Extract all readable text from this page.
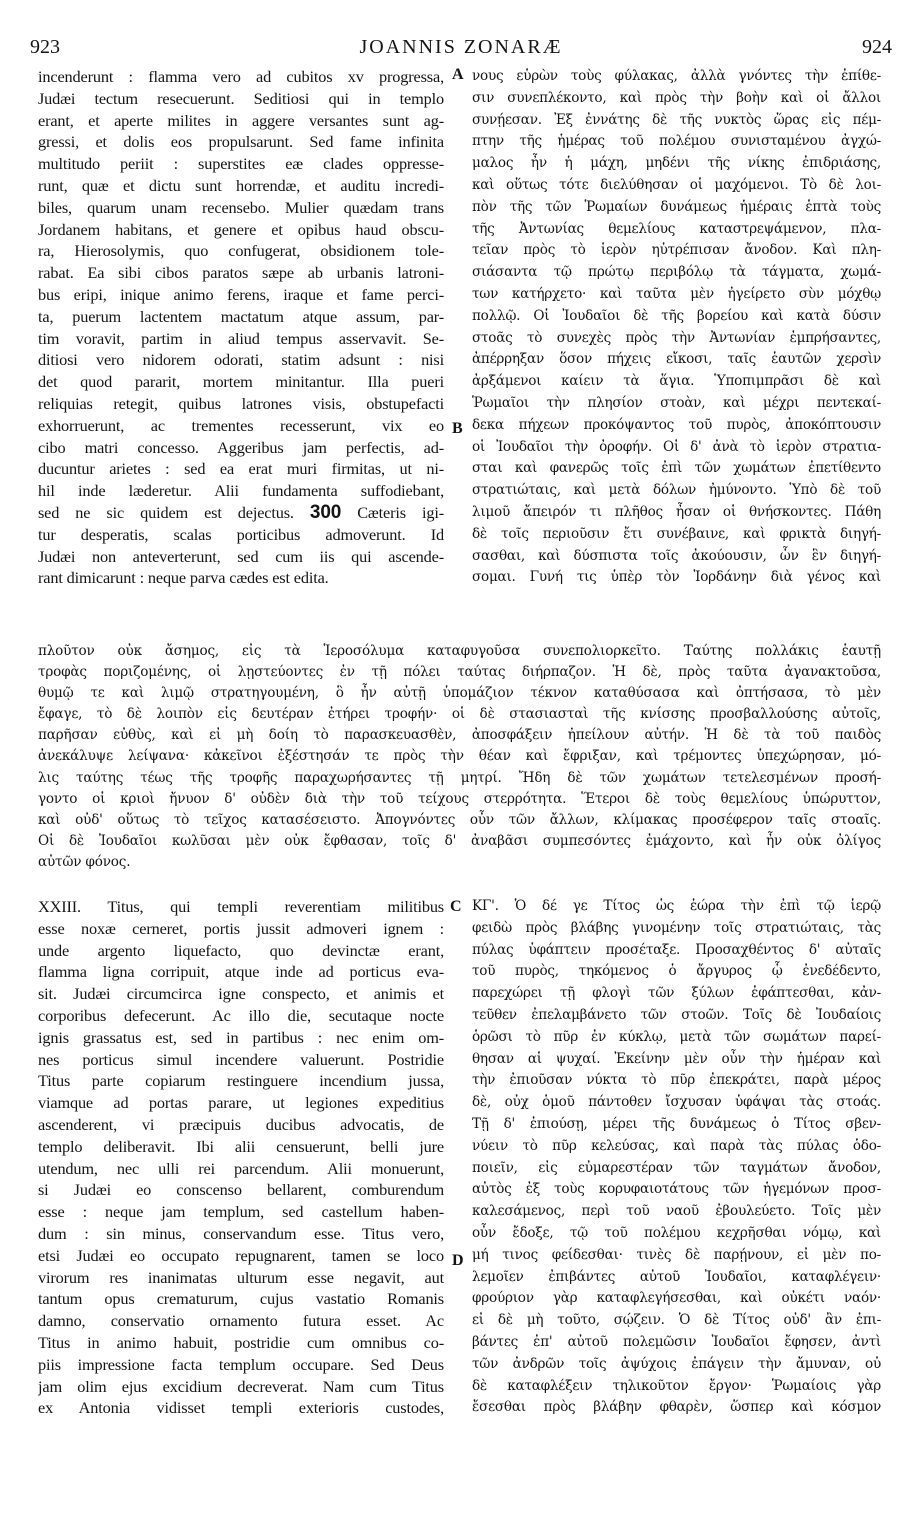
923	JOANNIS ZONARÆ	924
A
B
C
D
incenderunt : flamma vero ad cubitos xv progressa,
Judæi tectum resecuerunt. Seditiosi qui in templo
erant, et aperte milites in aggere versantes sunt ag-
gressi, et dolis eos propulsarunt. Sed fame infinita
multitudo periit : superstites eæ clades oppresse-
runt, quæ et dictu sunt horrendæ, et auditu incredi-
biles, quarum unam recensebo. Mulier quædam trans
Jordanem habitans, et genere et opibus haud obscu-
ra, Hierosolymis, quo confugerat, obsidionem tole-
rabat. Ea sibi cibos paratos sæpe ab urbanis latroni-
bus eripi, inique animo ferens, iraque et fame perci-
ta, puerum lactentem mactatum atque assum, par-
tim voravit, partim in aliud tempus asservavit. Se-
ditiosi vero nidorem odorati, statim adsunt : nisi
det quod pararit, mortem minitantur. Illa pueri
reliquias retegit, quibus latrones visis, obstupefacti
exhorruerunt, ac trementes recesserunt, vix eo
cibo matri concesso. Aggeribus jam perfectis, ad-
ducuntur arietes : sed ea erat muri firmitas, ut ni-
hil inde læderetur. Alii fundamenta suffodiebant,
sed ne sic quidem est dejectus. 300 Cæteris igi-
tur desperatis, scalas porticibus admoverunt. Id
Judæi non anteverterunt, sed cum iis qui ascende-
rant dimicarunt : neque parva cædes est edita.
νους εὑρὼν τοὺς φύλακας, ἀλλὰ γνόντες τὴν ἐπίθε-
σιν συνεπλέκοντο, καὶ πρὸς τὴν βοὴν καὶ οἱ ἄλλοι
συνῄεσαν. Ἐξ ἐννάτης δὲ τῆς νυκτὸς ὥρας εἰς πέμ-
πτην τῆς ἡμέρας τοῦ πολέμου συνισταμένου ἀγχώ-
μαλος ἦν ἡ μάχη, μηδένι τῆς νίκης ἐπιδριάσης,
καὶ οὕτως τότε διελύθησαν οἱ μαχόμενοι. Τὸ δὲ λοι-
πὸν τῆς τῶν Ῥωμαίων δυνάμεως ἡμέραις ἑπτὰ τοὺς
τῆς Ἀντωνίας θεμελίους καταστρεψάμενον, πλα-
τεῖαν πρὸς τὸ ἱερὸν ηὐτρέπισαν ἄνοδον. Καὶ πλη-
σιάσαντα τῷ πρώτῳ περιβόλῳ τὰ τάγματα, χωμά-
των κατήρχετο· καὶ ταῦτα μὲν ἠγείρετο σὺν μόχθῳ
πολλῷ. Οἱ Ἰουδαῖοι δὲ τῆς βορείου καὶ κατὰ δύσιν
στοᾶς τὸ συνεχὲς πρὸς τὴν Ἀντωνίαν ἐμπρήσαντες,
ἀπέρρηξαν ὅσον πήχεις εἴκοσι, ταῖς ἑαυτῶν χερσὶν
ἀρξάμενοι καίειν τὰ ἅγια. Ὑποπιμπρᾶσι δὲ καὶ
Ῥωμαῖοι τὴν πλησίον στοὰν, καὶ μέχρι πεντεκαί-
δεκα πήχεων προκόψαντος τοῦ πυρὸς, ἀποκόπτουσιν
οἱ Ἰουδαῖοι τὴν ὀροφήν. Οἱ δ' ἀνὰ τὸ ἱερὸν στρατια-
σται καὶ φανερῶς τοῖς ἐπὶ τῶν χωμάτων ἐπετίθεντο
στρατιώταις, καὶ μετὰ δόλων ἠμύνοντο. Ὑπὸ δὲ τοῦ
λιμοῦ ἄπειρόν τι πλῆθος ἦσαν οἱ θνήσκοντες. Πάθη
δὲ τοῖς περιοῦσιν ἔτι συνέβαινε, καὶ φρικτὰ διηγή-
σασθαι, καὶ δύσπιστα τοῖς ἀκούουσιν, ὧν ἓν διηγή-
σομαι. Γυνή τις ὑπὲρ τὸν Ἰορδάνην διὰ γένος καὶ
πλοῦτον οὐκ ἄσημος, εἰς τὰ Ἱεροσόλυμα καταφυγοῦσα συνεπολιορκεῖτο. Ταύτης πολλάκις ἑαυτῇ
τροφὰς ποριζομένης, οἱ λῃστεύοντες ἐν τῇ πόλει ταύτας διήρπαζον. Ἡ δὲ, πρὸς ταῦτα ἀγανακτοῦσα,
θυμῷ τε καὶ λιμῷ στρατηγουμένη, ὃ ἦν αὐτῇ ὑπομάζιον τέκνον καταθύσασα καὶ ὀπτήσασα, τὸ μὲν
ἔφαγε, τὸ δὲ λοιπὸν εἰς δευτέραν ἐτήρει τροφήν· οἱ δὲ στασιασταὶ τῆς κνίσσης προσβαλλούσης αὐτοῖς,
παρῆσαν εὐθὺς, καὶ εἰ μὴ δοίη τὸ παρασκευασθὲν, ἀποσφάξειν ἠπείλουν αὐτήν. Ἡ δὲ τὰ τοῦ παιδὸς
ἀνεκάλυψε λείψανα· κἀκεῖνοι ἐξέστησάν τε πρὸς τὴν θέαν καὶ ἔφριξαν, καὶ τρέμοντες ὑπεχώρησαν, μό-
λις ταύτης τέως τῆς τροφῆς παραχωρήσαντες τῇ μητρί. Ἤδη δὲ τῶν χωμάτων τετελεσμένων προσή-
γοντο οἱ κριοὶ ἤνυον δ' οὐδὲν διὰ τὴν τοῦ τείχους στερρότητα. Ἕτεροι δὲ τοὺς θεμελίους ὑπώρυττον,
καὶ οὐδ' οὕτως τὸ τεῖχος κατασέσειστο. Ἀπογνόντες οὖν τῶν ἄλλων, κλίμακας προσέφερον ταῖς στοαῖς.
Οἱ δὲ Ἰουδαῖοι κωλῦσαι μὲν οὐκ ἔφθασαν, τοῖς δ' ἀναβᾶσι συμπεσόντες ἐμάχοντο, καὶ ἦν οὐκ ὀλίγος
αὐτῶν φόνος.
XXIII. Titus, qui templi reverentiam militibus
esse noxæ cerneret, portis jussit admoveri ignem :
unde argento liquefacto, quo devinctæ erant,
flamma ligna corripuit, atque inde ad porticus eva-
sit. Judæi circumcirca igne conspecto, et animis et
corporibus defecerunt. Ac illo die, secutaque nocte
ignis grassatus est, sed in partibus : nec enim om-
nes porticus simul incendere valuerunt. Postridie
Titus parte copiarum restinguere incendium jussa,
viamque ad portas parare, ut legiones expeditius
ascenderent, vi præcipuis ducibus advocatis, de
templo deliberavit. Ibi alii censuerunt, belli jure
utendum, nec ulli rei parcendum. Alii monuerunt,
si Judæi eo conscenso bellarent, comburendum
esse : neque jam templum, sed castellum haben-
dum : sin minus, conservandum esse. Titus vero,
etsi Judæi eo occupato repugnarent, tamen se loco
virorum res inanimatas ulturum esse negavit, aut
tantum opus crematurum, cujus vastatio Romanis
damno, conservatio ornamento futura esset. Ac
Titus in animo habuit, postridie cum omnibus co-
piis impressione facta templum occupare. Sed Deus
jam olim ejus excidium decreverat. Nam cum Titus
ex Antonia vidisset templi exterioris custodes,
ΚΓ'. Ὁ δέ γε Τίτος ὡς ἑώρα τὴν ἐπὶ τῷ ἱερῷ
φειδὼ πρὸς βλάβης γινομένην τοῖς στρατιώταις, τὰς
πύλας ὑφάπτειν προσέταξε. Προσαχθέντος δ' αὐταῖς
τοῦ πυρὸς, τηκόμενος ὁ ἄργυρος ᾧ ἐνεδέδεντο,
παρεχώρει τῇ φλογὶ τῶν ξύλων ἐφάπτεσθαι, κἀν-
τεῦθεν ἐπελαμβάνετο τῶν στοῶν. Τοῖς δὲ Ἰουδαίοις
ὁρῶσι τὸ πῦρ ἐν κύκλῳ, μετὰ τῶν σωμάτων παρεί-
θησαν αἱ ψυχαί. Ἐκείνην μὲν οὖν τὴν ἡμέραν καὶ
τὴν ἐπιοῦσαν νύκτα τὸ πῦρ ἐπεκράτει, παρὰ μέρος
δὲ, οὐχ ὁμοῦ πάντοθεν ἴσχυσαν ὑφάψαι τὰς στοάς.
Τῇ δ' ἐπιούσῃ, μέρει τῆς δυνάμεως ὁ Τίτος σβεν-
νύειν τὸ πῦρ κελεύσας, καὶ παρὰ τὰς πύλας ὁδο-
ποιεῖν, εἰς εὐμαρεστέραν τῶν ταγμάτων ἄνοδον,
αὐτὸς ἐξ τοὺς κορυφαιοτάτους τῶν ἡγεμόνων προσ-
καλεσάμενος, περὶ τοῦ ναοῦ ἐβουλεύετο. Τοῖς μὲν
οὖν ἔδοξε, τῷ τοῦ πολέμου κεχρῆσθαι νόμῳ, καὶ
μή τινος φείδεσθαι· τινὲς δὲ παρῄνουν, εἰ μὲν πο-
λεμοῖεν ἐπιβάντες αὐτοῦ Ἰουδαῖοι, καταφλέγειν·
φρούριον γὰρ καταφλεγήσεσθαι, καὶ οὐκέτι ναόν·
εἰ δὲ μὴ τοῦτο, σῴζειν. Ὁ δὲ Τίτος οὐδ' ἂν ἐπι-
βάντες ἐπ' αὐτοῦ πολεμῶσιν Ἰουδαῖοι ἔφησεν, ἀντὶ
τῶν ἀνδρῶν τοῖς ἀψύχοις ἐπάγειν τὴν ἄμυναν, οὐ
δὲ καταφλέξειν τηλικοῦτον ἔργον· Ῥωμαίοις γὰρ
ἔσεσθαι πρὸς βλάβην φθαρὲν, ὥσπερ καὶ κόσμον
